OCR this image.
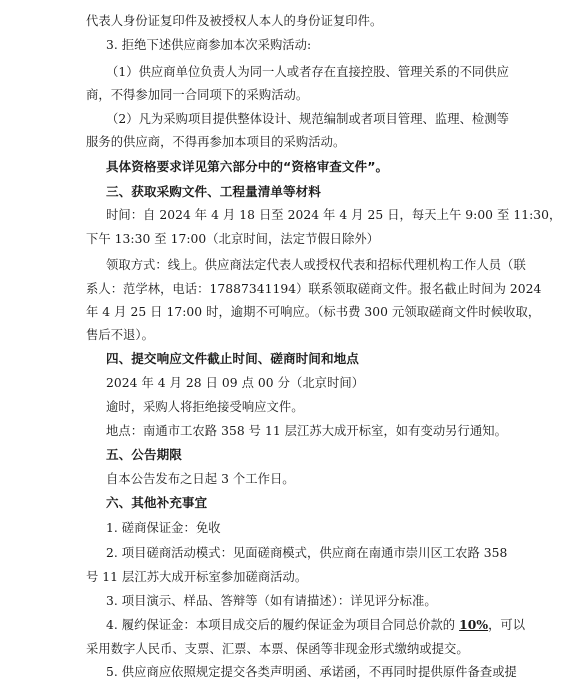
代表人身份证复印件及被授权人本人的身份证复印件。
3. 拒绝下述供应商参加本次采购活动:
（1）供应商单位负责人为同一人或者存在直接控股、管理关系的不同供应
商，不得参加同一合同项下的采购活动。
（2）凡为采购项目提供整体设计、规范编制或者项目管理、监理、检测等
服务的供应商，不得再参加本项目的采购活动。
具体资格要求详见第六部分中的“资格审查文件”。
三、获取采购文件、工程量清单等材料
时间：自 2024 年 4 月 18 日至 2024 年 4 月 25 日，每天上午 9:00 至 11:30，
下午 13:30 至 17:00（北京时间，法定节假日除外）
领取方式：线上。供应商法定代表人或授权代表和招标代理机构工作人员（联
系人：范学林，电话：17887341194）联系领取磋商文件。报名截止时间为 2024
年 4 月 25 日 17:00 时，逾期不可响应。（标书费 300 元领取磋商文件时候收取，
售后不退）。
四、提交响应文件截止时间、磋商时间和地点
2024 年 4 月 28 日 09 点 00 分（北京时间）
逾时，采购人将拒绝接受响应文件。
地点：南通市工农路 358 号 11 层江苏大成开标室，如有变动另行通知。
五、公告期限
自本公告发布之日起 3 个工作日。
六、其他补充事宜
1. 磋商保证金：免收
2. 项目磋商活动模式：见面磋商模式，供应商在南通市崇川区工农路 358
号 11 层江苏大成开标室参加磋商活动。
3. 项目演示、样品、答辩等（如有请描述）：详见评分标准。
4. 履约保证金：本项目成交后的履约保证金为项目合同总价款的 10%，可以
采用数字人民币、支票、汇票、本票、保函等非现金形式缴纳或提交。
5. 供应商应依照规定提交各类声明函、承诺函，不再同时提供原件备查或提
